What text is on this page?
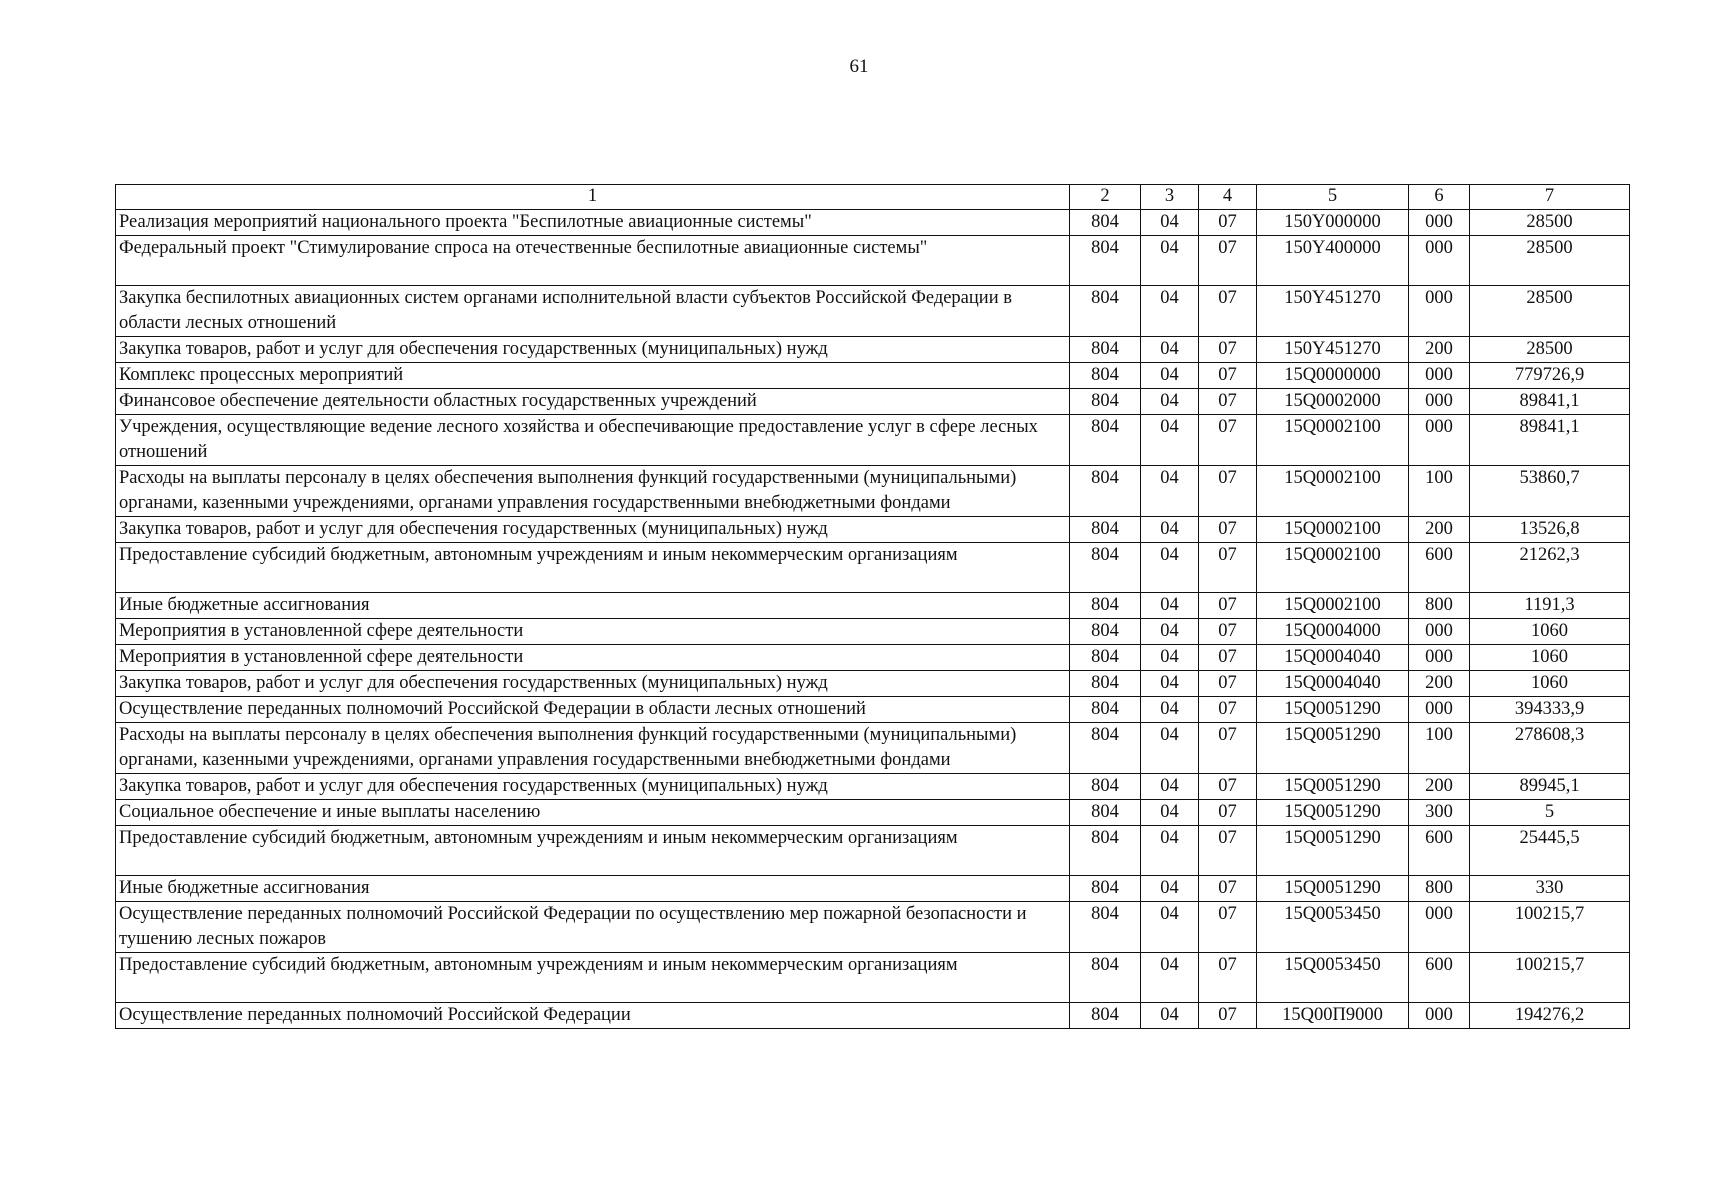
61
1	2	3	4	5	6	7
Реализация мероприятий национального проекта "Беспилотные авиационные системы"	804	04	07	150Y000000	000	28500
Федеральный проект "Стимулирование спроса на отечественные беспилотные авиационные системы"	804	04	07	150Y400000	000	28500
Закупка беспилотных авиационных систем органами исполнительной власти субъектов Российской Федерации в области лесных отношений	804	04	07	150Y451270	000	28500
Закупка товаров, работ и услуг для обеспечения государственных (муниципальных) нужд	804	04	07	150Y451270	200	28500
Комплекс процессных мероприятий	804	04	07	15Q0000000	000	779726,9
Финансовое обеспечение деятельности областных государственных учреждений	804	04	07	15Q0002000	000	89841,1
Учреждения, осуществляющие ведение лесного хозяйства и обеспечивающие предоставление услуг в сфере лесных отношений	804	04	07	15Q0002100	000	89841,1
Расходы на выплаты персоналу в целях обеспечения выполнения функций государственными (муниципальными) органами, казенными учреждениями, органами управления государственными внебюджетными фондами	804	04	07	15Q0002100	100	53860,7
Закупка товаров, работ и услуг для обеспечения государственных (муниципальных) нужд	804	04	07	15Q0002100	200	13526,8
Предоставление субсидий бюджетным, автономным учреждениям и иным некоммерческим организациям	804	04	07	15Q0002100	600	21262,3
Иные бюджетные ассигнования	804	04	07	15Q0002100	800	1191,3
Мероприятия в установленной сфере деятельности	804	04	07	15Q0004000	000	1060
Мероприятия в установленной сфере деятельности	804	04	07	15Q0004040	000	1060
Закупка товаров, работ и услуг для обеспечения государственных (муниципальных) нужд	804	04	07	15Q0004040	200	1060
Осуществление переданных полномочий Российской Федерации в области лесных отношений	804	04	07	15Q0051290	000	394333,9
Расходы на выплаты персоналу в целях обеспечения выполнения функций государственными (муниципальными) органами, казенными учреждениями, органами управления государственными внебюджетными фондами	804	04	07	15Q0051290	100	278608,3
Закупка товаров, работ и услуг для обеспечения государственных (муниципальных) нужд	804	04	07	15Q0051290	200	89945,1
Социальное обеспечение и иные выплаты населению	804	04	07	15Q0051290	300	5
Предоставление субсидий бюджетным, автономным учреждениям и иным некоммерческим организациям	804	04	07	15Q0051290	600	25445,5
Иные бюджетные ассигнования	804	04	07	15Q0051290	800	330
Осуществление переданных полномочий Российской Федерации по осуществлению мер пожарной безопасности и тушению лесных пожаров	804	04	07	15Q0053450	000	100215,7
Предоставление субсидий бюджетным, автономным учреждениям и иным некоммерческим организациям	804	04	07	15Q0053450	600	100215,7
Осуществление переданных полномочий Российской Федерации	804	04	07	15Q00П9000	000	194276,2
